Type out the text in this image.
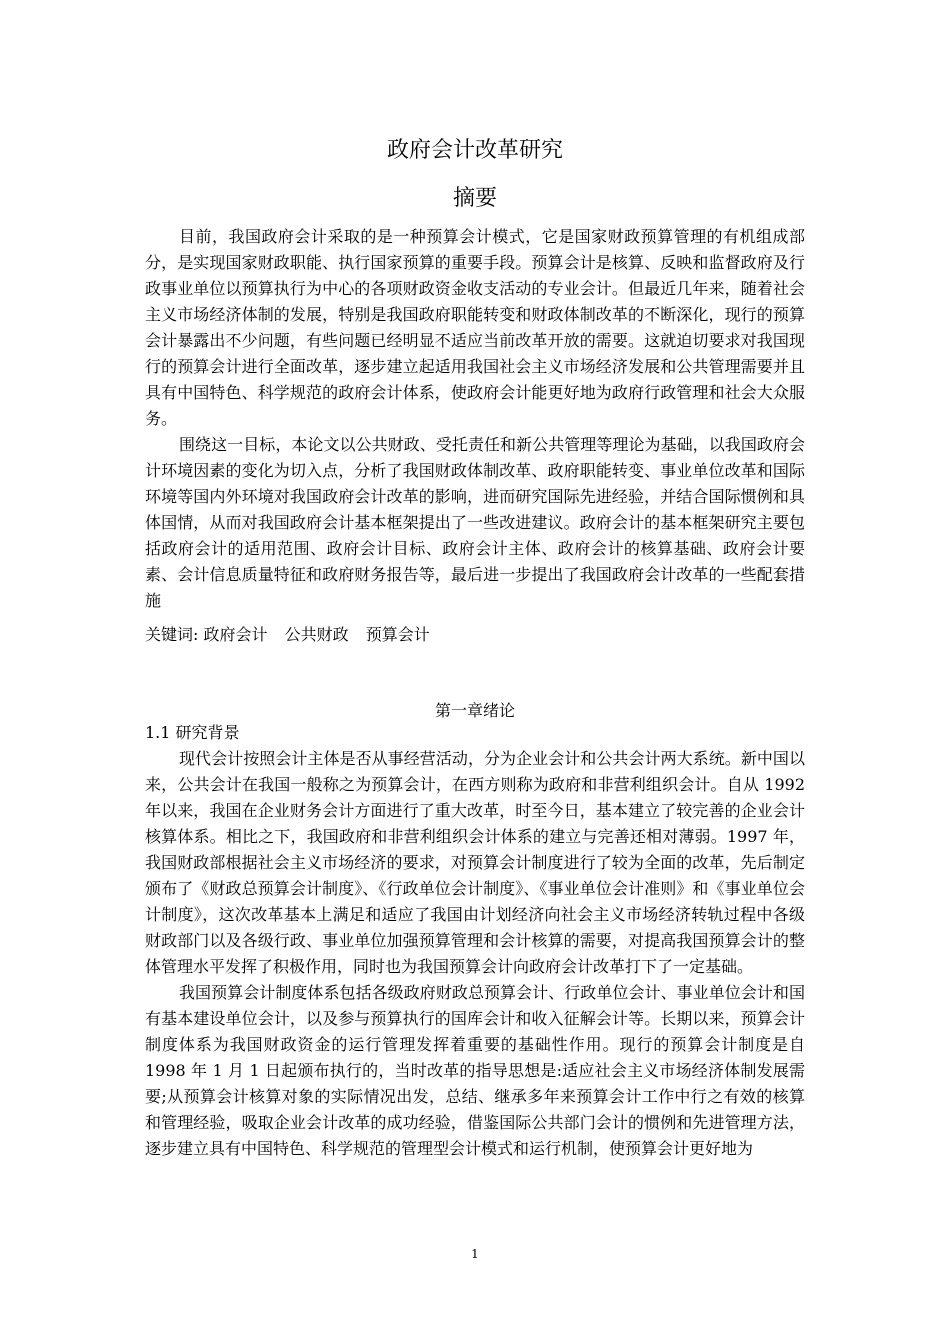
政府会计改革研究
摘要

目前，我国政府会计采取的是一种预算会计模式，它是国家财政预算管理的有机组成部分，是实现国家财政职能、执行国家预算的重要手段。预算会计是核算、反映和监督政府及行政事业单位以预算执行为中心的各项财政资金收支活动的专业会计。但最近几年来，随着社会主义市场经济体制的发展，特别是我国政府职能转变和财政体制改革的不断深化，现行的预算会计暴露出不少问题，有些问题已经明显不适应当前改革开放的需要。这就迫切要求对我国现行的预算会计进行全面改革，逐步建立起适用我国社会主义市场经济发展和公共管理需要并且具有中国特色、科学规范的政府会计体系，使政府会计能更好地为政府行政管理和社会大众服务。

围绕这一目标，本论文以公共财政、受托责任和新公共管理等理论为基础，以我国政府会计环境因素的变化为切入点，分析了我国财政体制改革、政府职能转变、事业单位改革和国际环境等国内外环境对我国政府会计改革的影响，进而研究国际先进经验，并结合国际惯例和具体国情，从而对我国政府会计基本框架提出了一些改进建议。政府会计的基本框架研究主要包括政府会计的适用范围、政府会计目标、政府会计主体、政府会计的核算基础、政府会计要素、会计信息质量特征和政府财务报告等，最后进一步提出了我国政府会计改革的一些配套措施

关键词: 政府会计 公共财政 预算会计
第一章绪论

1.1 研究背景

现代会计按照会计主体是否从事经营活动，分为企业会计和公共会计两大系统。新中国以来，公共会计在我国一般称之为预算会计，在西方则称为政府和非营利组织会计。自从 1992 年以来，我国在企业财务会计方面进行了重大改革，时至今日，基本建立了较完善的企业会计核算体系。相比之下，我国政府和非营利组织会计体系的建立与完善还相对薄弱。1997 年，我国财政部根据社会主义市场经济的要求，对预算会计制度进行了较为全面的改革，先后制定颁布了《财政总预算会计制度》、《行政单位会计制度》、《事业单位会计准则》和《事业单位会计制度》，这次改革基本上满足和适应了我国由计划经济向社会主义市场经济转轨过程中各级财政部门以及各级行政、事业单位加强预算管理和会计核算的需要，对提高我国预算会计的整体管理水平发挥了积极作用，同时也为我国预算会计向政府会计改革打下了一定基础。

我国预算会计制度体系包括各级政府财政总预算会计、行政单位会计、事业单位会计和国有基本建设单位会计，以及参与预算执行的国库会计和收入征解会计等。长期以来，预算会计制度体系为我国财政资金的运行管理发挥着重要的基础性作用。现行的预算会计制度是自 1998 年 1 月 1 日起颁布执行的，当时改革的指导思想是:适应社会主义市场经济体制发展需要;从预算会计核算对象的实际情况出发，总结、继承多年来预算会计工作中行之有效的核算和管理经验，吸取企业会计改革的成功经验，借鉴国际公共部门会计的惯例和先进管理方法，逐步建立具有中国特色、科学规范的管理型会计模式和运行机制，使预算会计更好地为

1
